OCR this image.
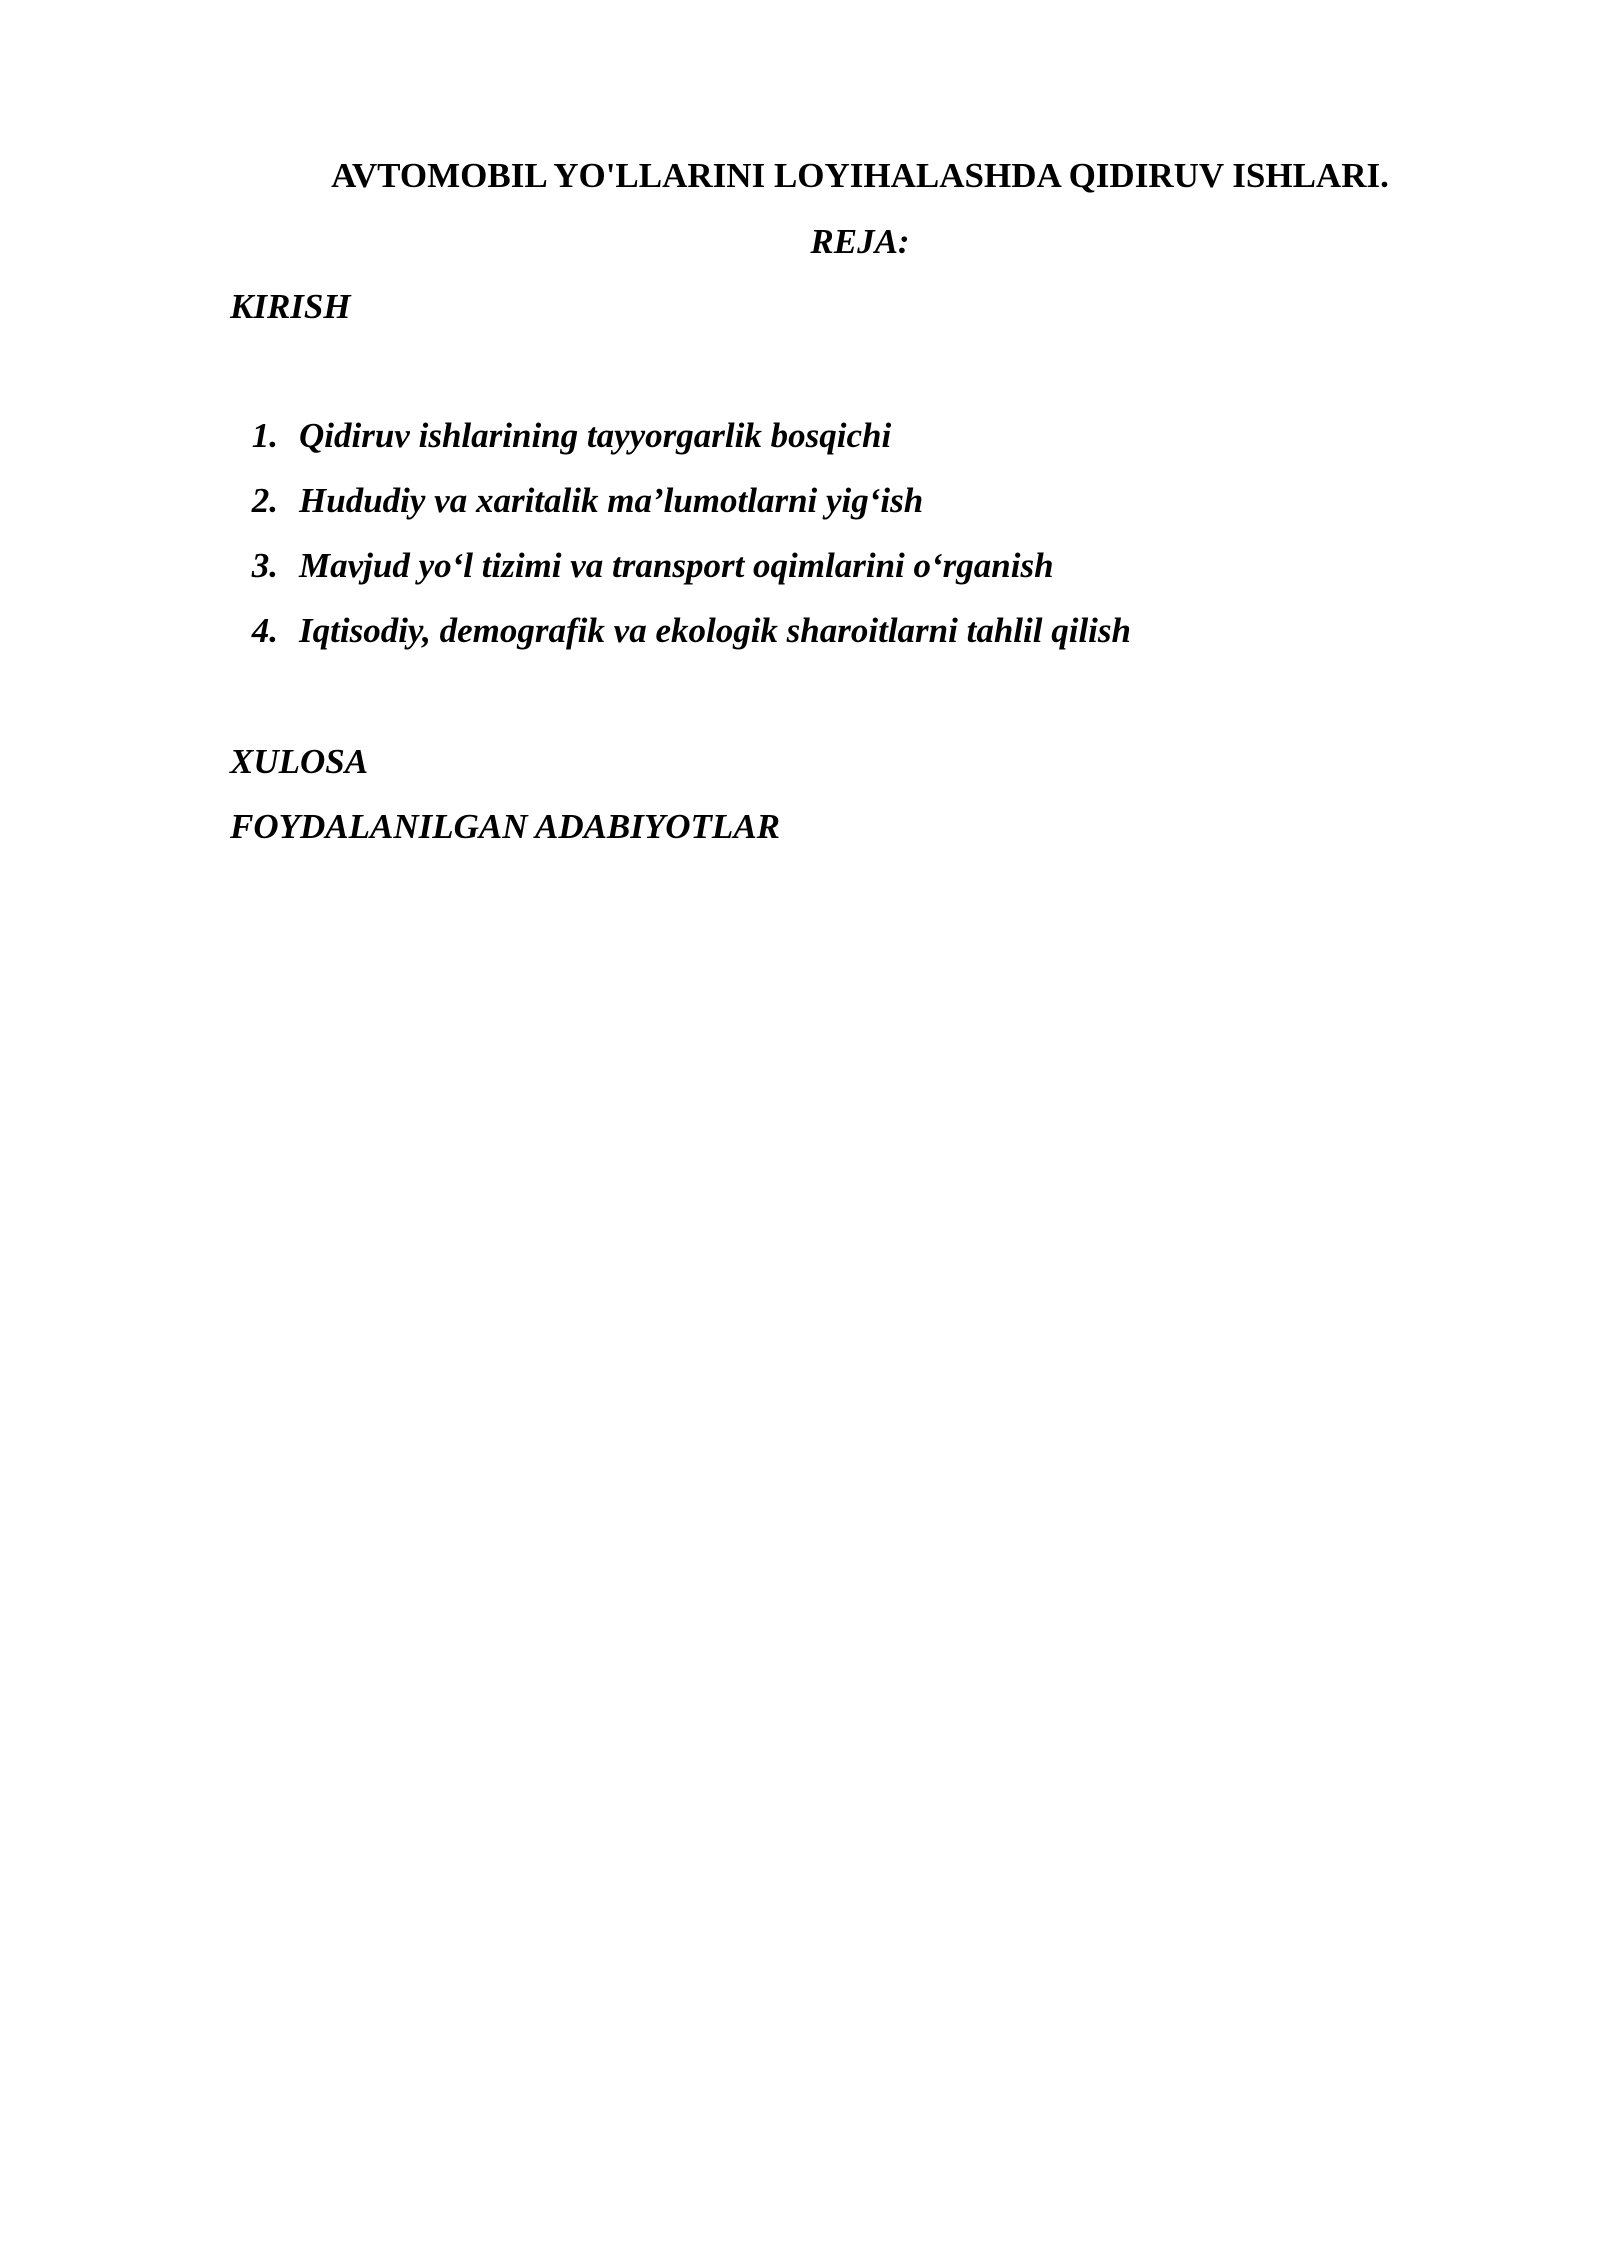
AVTOMOBIL YO'LLARINI LOYIHALASHDA QIDIRUV ISHLARI.
REJA:
KIRISH
1. Qidiruv ishlarining tayyorgarlik bosqichi
2. Hududiy va xaritalik ma’lumotlarni yig‘ish
3. Mavjud yo‘l tizimi va transport oqimlarini o‘rganish
4. Iqtisodiy, demografik va ekologik sharoitlarni tahlil qilish
XULOSA
FOYDALANILGAN ADABIYOTLAR
